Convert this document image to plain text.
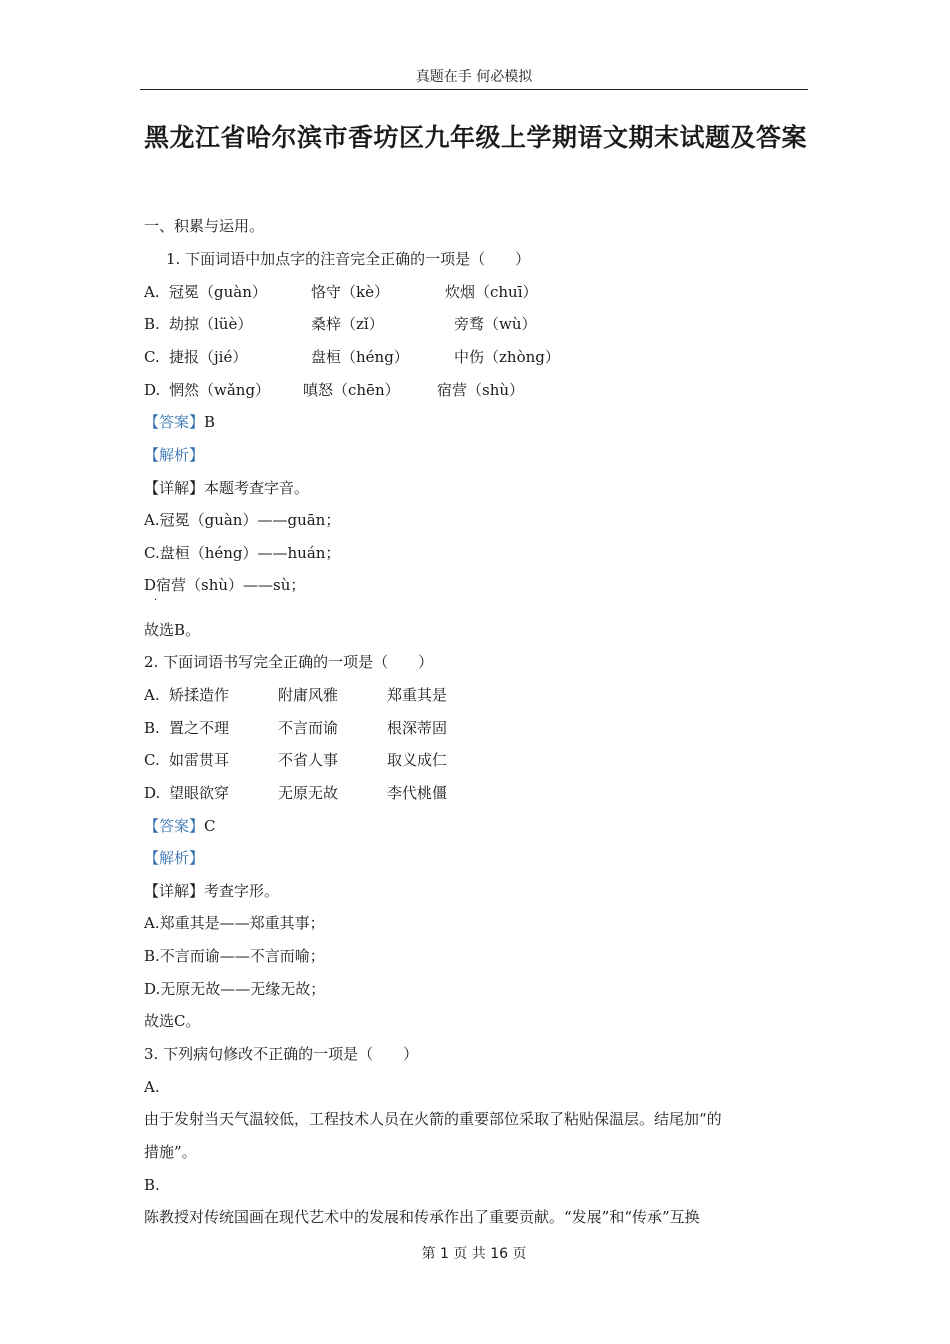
真题在手 何必模拟
黑龙江省哈尔滨市香坊区九年级上学期语文期末试题及答案
一、积累与运用。
1. 下面词语中加点字的注音完全正确的一项是（　　）
A. 冠冕（guàn）	恪守（kè）	炊烟（chuī）
B. 劫掠（lüè）	桑梓（zǐ）	旁骛（wù）
C. 捷报（jié）	盘桓（héng）	中伤（zhòng）
D. 惘然（wǎng） 嗔怒（chēn） 宿营（shù）
【答案】B
【解析】
【详解】本题考查字音。
A.冠冕（guàn）——guān；
C.盘桓（héng）——huán；
D宿营（shù）——sù；
·
故选B。
2. 下面词语书写完全正确的一项是（　　）
A. 矫揉造作	附庸风雅	郑重其是
B. 置之不理	不言而谕	根深蒂固
C. 如雷贯耳	不省人事	取义成仁
D. 望眼欲穿	无原无故	李代桃僵
【答案】C
【解析】
【详解】考查字形。
A.郑重其是——郑重其事；
B.不言而谕——不言而喻；
D.无原无故——无缘无故；
故选C。
3. 下列病句修改不正确的一项是（　　）
A.
由于发射当天气温较低，工程技术人员在火箭的重要部位采取了粘贴保温层。结尾加“的
措施”。
B.
陈教授对传统国画在现代艺术中的发展和传承作出了重要贡献。“发展”和“传承”互换
第 1 页 共 16 页
